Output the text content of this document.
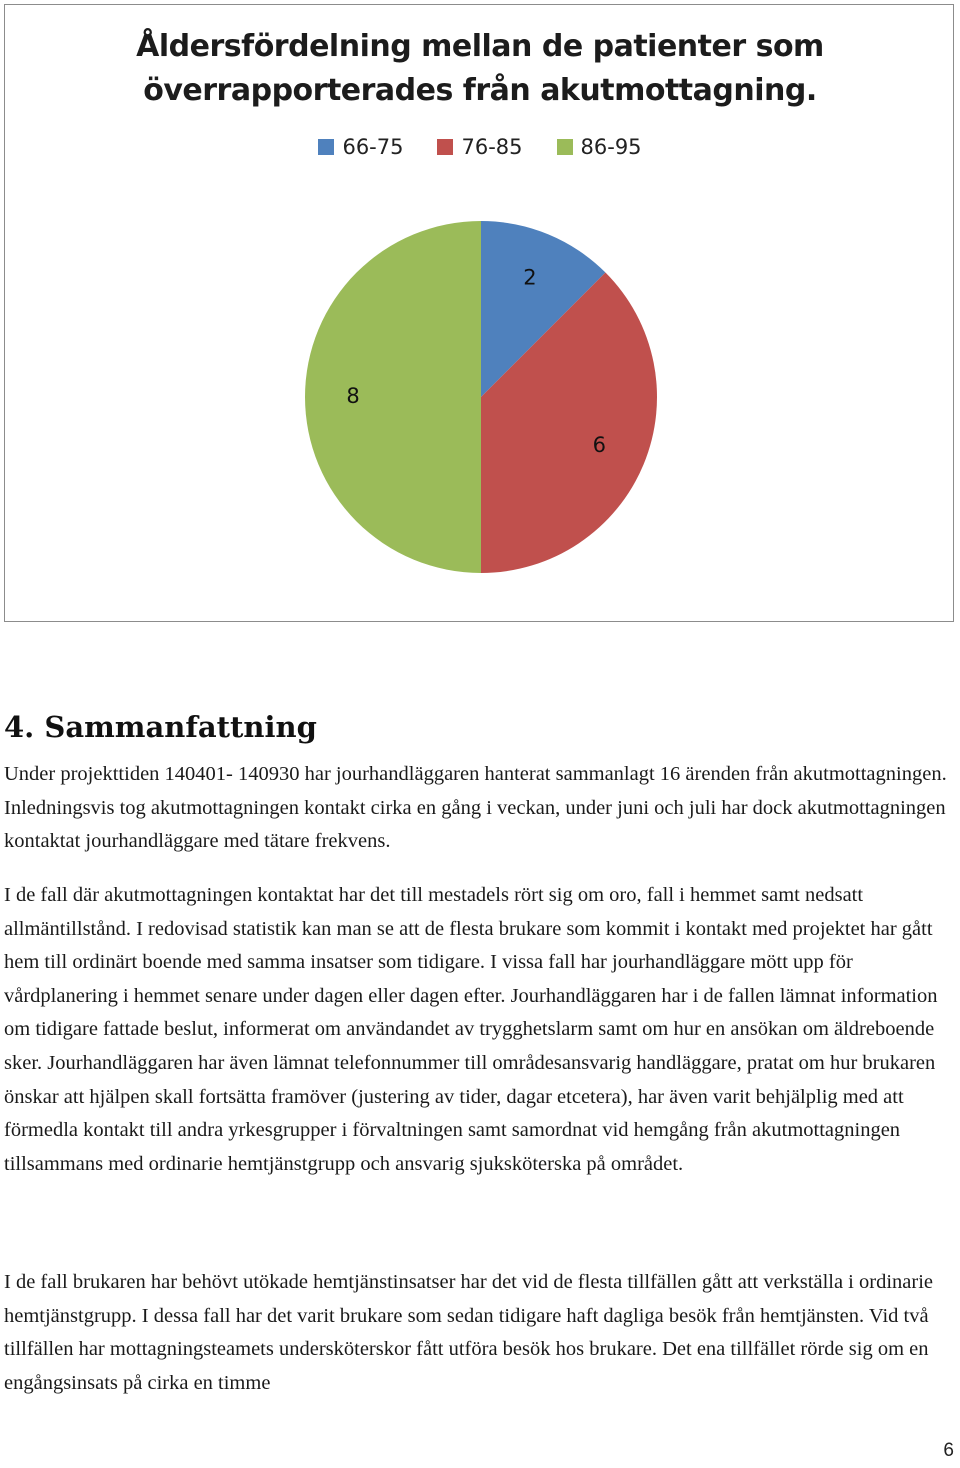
Åldersfördelning mellan de patienter som
överrapporterades från akutmottagning.
66-75	76-85	86-95
2
6
8
4. Sammanfattning

Under projekttiden 140401- 140930 har jourhandläggaren hanterat sammanlagt 16 ärenden från akutmottagningen. Inledningsvis tog akutmottagningen kontakt cirka en gång i veckan, under juni och juli har dock akutmottagningen kontaktat jourhandläggare med tätare frekvens.

I de fall där akutmottagningen kontaktat har det till mestadels rört sig om oro, fall i hemmet samt nedsatt allmäntillstånd. I redovisad statistik kan man se att de flesta brukare som kommit i kontakt med projektet har gått hem till ordinärt boende med samma insatser som tidigare. I vissa fall har jourhandläggare mött upp för vårdplanering i hemmet senare under dagen eller dagen efter. Jourhandläggaren har i de fallen lämnat information om tidigare fattade beslut, informerat om användandet av trygghetslarm samt om hur en ansökan om äldreboende sker. Jourhandläggaren har även lämnat telefonnummer till områdesansvarig handläggare, pratat om hur brukaren önskar att hjälpen skall fortsätta framöver (justering av tider, dagar etcetera), har även varit behjälplig med att förmedla kontakt till andra yrkesgrupper i förvaltningen samt samordnat vid hemgång från akutmottagningen tillsammans med ordinarie hemtjänstgrupp och ansvarig sjuksköterska på området.

I de fall brukaren har behövt utökade hemtjänstinsatser har det vid de flesta tillfällen gått att verkställa i ordinarie hemtjänstgrupp. I dessa fall har det varit brukare som sedan tidigare haft dagliga besök från hemtjänsten. Vid två tillfällen har mottagningsteamets undersköterskor fått utföra besök hos brukare. Det ena tillfället rörde sig om en engångsinsats på cirka en timme

6
